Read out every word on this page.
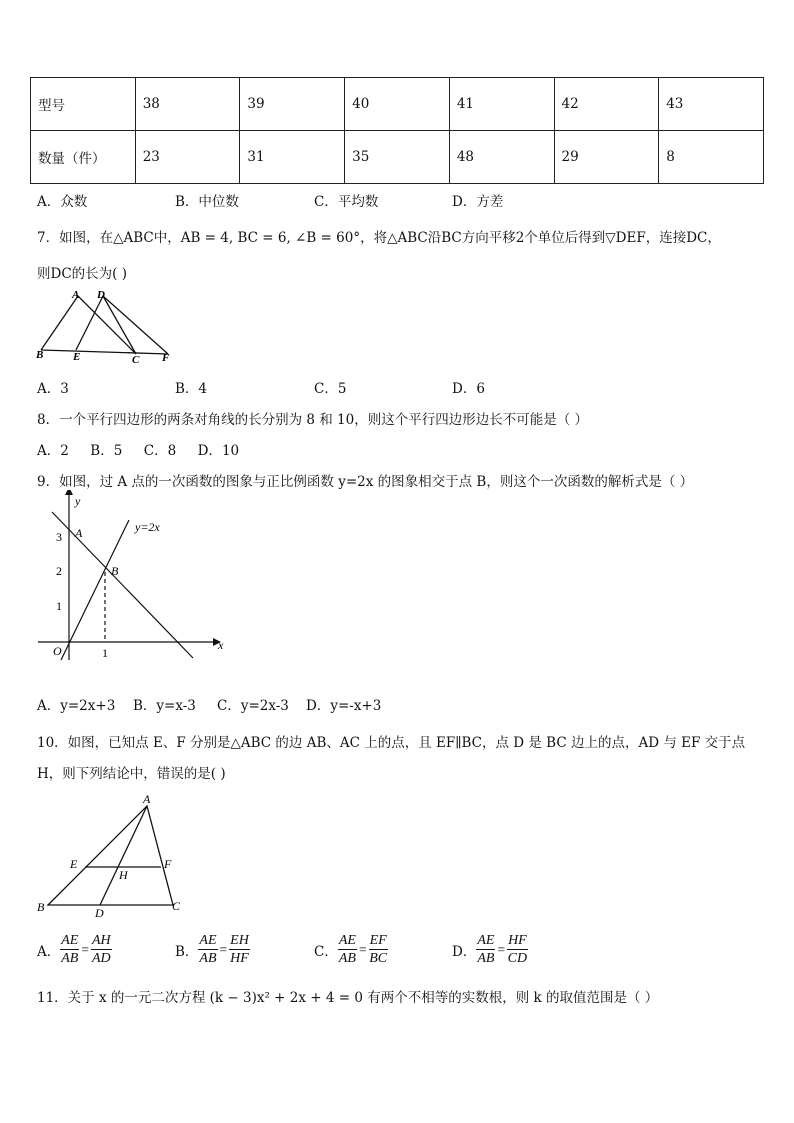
型号	38	39	40	41	42	43
数量（件）	23	31	35	48	29	8
A．众数	B．中位数	C．平均数	D．方差
7．如图，在△ABC中，AB = 4, BC = 6, ∠B = 60°，将△ABC沿BC方向平移2个单位后得到▽DEF，连接DC，
则DC的长为( )
A D
B	E	C F
A．3	B．4	C．5	D．6
8．一个平行四边形的两条对角线的长分别为 8 和 10，则这个平行四边形边长不可能是（ ）
A．2     B．5     C．8     D．10
9．如图，过 A 点的一次函数的图象与正比例函数 y=2x 的图象相交于点 B，则这个一次函数的解析式是（ ）
y
x
O
A
B
y=2x
3
2
1
1
A．y=2x+3 B．y=x-3 C．y=2x-3 D．y=-x+3
10．如图，已知点 E、F 分别是△ABC 的边 AB、AC 上的点，且 EF∥BC，点 D 是 BC 边上的点，AD 与 EF 交于点
H，则下列结论中，错误的是( )
A
E	F
H
B	D	C
A． $\frac{AE}{AB} = \frac{AH}{AD}$	B． $\frac{AE}{AB} = \frac{EH}{HF}$	C． $\frac{AE}{AB} = \frac{EF}{BC}$	D． $\frac{AE}{AB} = \frac{HF}{CD}$
11．关于 x 的一元二次方程 (k − 3)x² + 2x + 4 = 0 有两个不相等的实数根，则 k 的取值范围是（ ）
